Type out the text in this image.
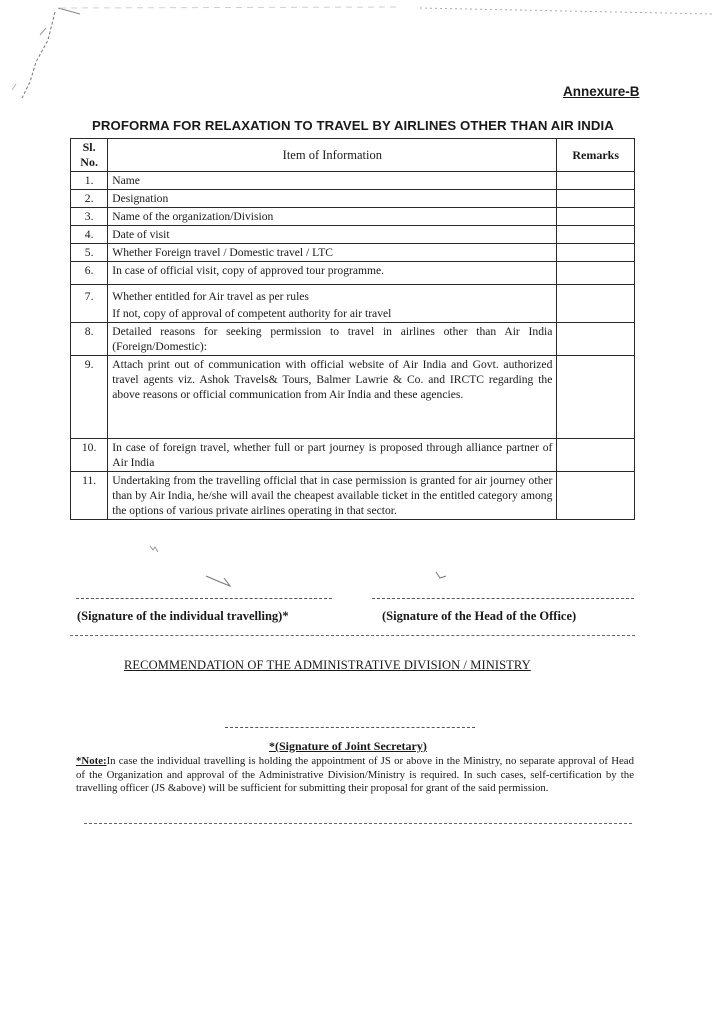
Annexure-B
PROFORMA FOR RELAXATION TO TRAVEL BY AIRLINES OTHER THAN AIR INDIA
Sl. No.	Item of Information	Remarks
1.	Name	
2.	Designation	
3.	Name of the organization/Division	
4.	Date of visit	
5.	Whether Foreign travel / Domestic travel / LTC	
6.	In case of official visit, copy of approved tour programme.	
7.	Whether entitled for Air travel as per rules	
	If not, copy of approval of competent authority for air travel	
8.	Detailed reasons for seeking permission to travel in airlines other than Air India (Foreign/Domestic):	
9.	Attach print out of communication with official website of Air India and Govt. authorized travel agents viz. Ashok Travels& Tours, Balmer Lawrie & Co. and IRCTC regarding the above reasons or official communication from Air India and these agencies.	
10.	In case of foreign travel, whether full or part journey is proposed through alliance partner of Air India	
11.	Undertaking from the travelling official that in case permission is granted for air journey other than by Air India, he/she will avail the cheapest available ticket in the entitled category among the options of various private airlines operating in that sector.	
(Signature of the individual travelling)*	(Signature of the Head of the Office)
RECOMMENDATION OF THE ADMINISTRATIVE DIVISION / MINISTRY
*(Signature of Joint Secretary)
*Note:In case the individual travelling is holding the appointment of JS or above in the Ministry, no separate approval of Head of the Organization and approval of the Administrative Division/Ministry is required. In such cases, self-certification by the travelling officer (JS &above) will be sufficient for submitting their proposal for grant of the said permission.
